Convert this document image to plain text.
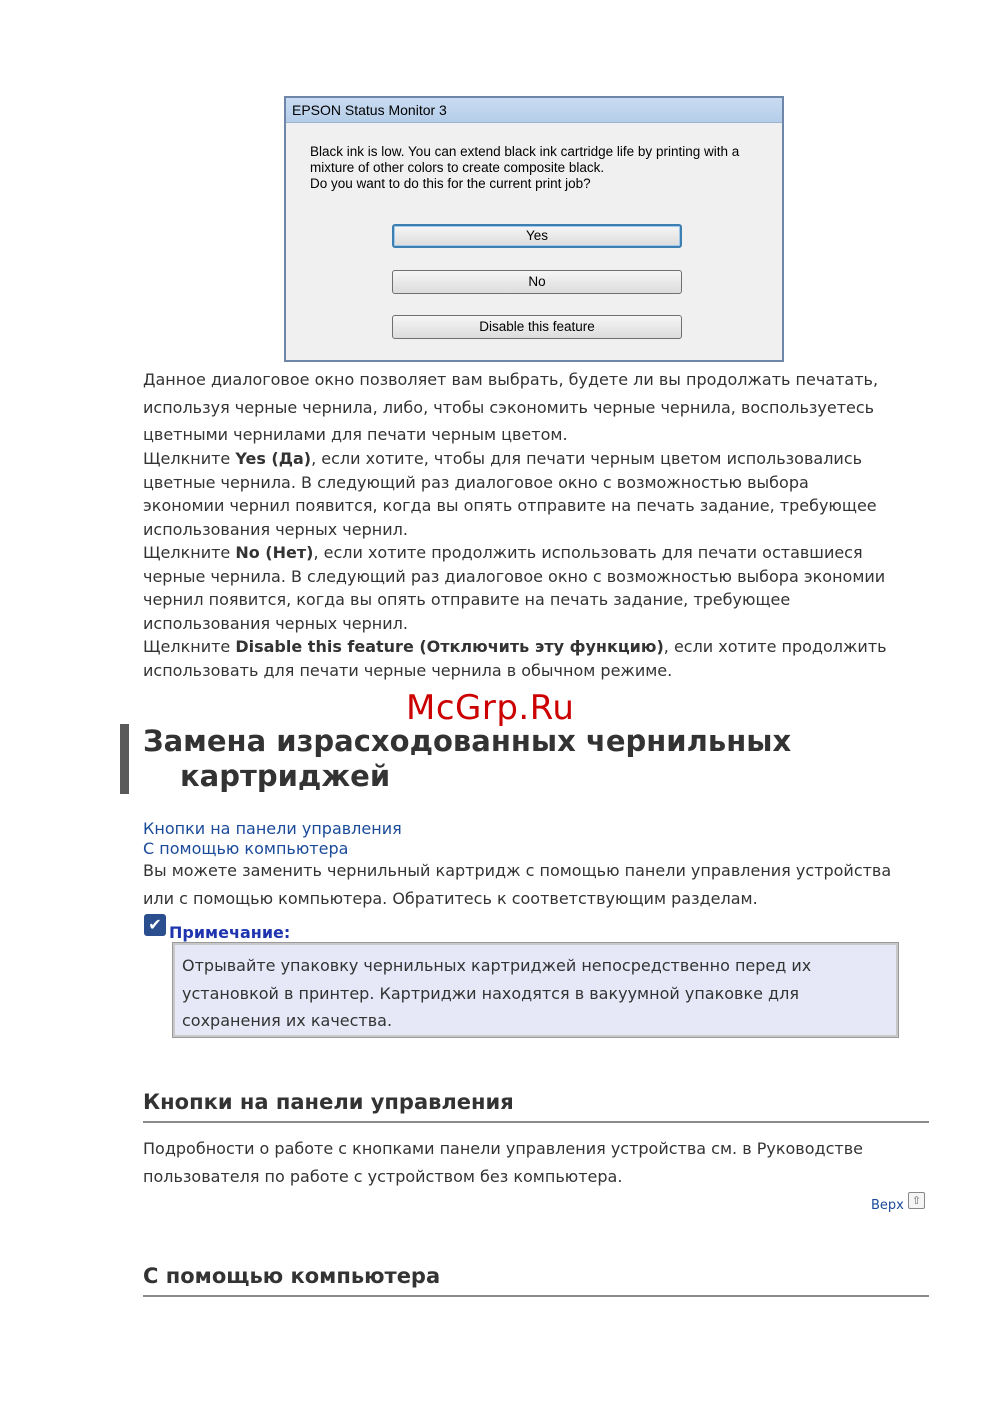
EPSON Status Monitor 3
Black ink is low. You can extend black ink cartridge life by printing with a
mixture of other colors to create composite black.
Do you want to do this for the current print job?
Yes
No
Disable this feature
Данное диалоговое окно позволяет вам выбрать, будете ли вы продолжать печатать,
используя черные чернила, либо, чтобы сэкономить черные чернила, воспользуетесь
цветными чернилами для печати черным цветом.
Щелкните Yes (Да), если хотите, чтобы для печати черным цветом использовались
цветные чернила. В следующий раз диалоговое окно с возможностью выбора
экономии чернил появится, когда вы опять отправите на печать задание, требующее
использования черных чернил.
Щелкните No (Нет), если хотите продолжить использовать для печати оставшиеся
черные чернила. В следующий раз диалоговое окно с возможностью выбора экономии
чернил появится, когда вы опять отправите на печать задание, требующее
использования черных чернил.
Щелкните Disable this feature (Отключить эту функцию), если хотите продолжить
использовать для печати черные чернила в обычном режиме.
McGrp.Ru
Замена израсходованных чернильных
картриджей
Кнопки на панели управления
С помощью компьютера
Вы можете заменить чернильный картридж с помощью панели управления устройства
или с помощью компьютера. Обратитесь к соответствующим разделам.
✔ Примечание:
Отрывайте упаковку чернильных картриджей непосредственно перед их
установкой в принтер. Картриджи находятся в вакуумной упаковке для
сохранения их качества.
Кнопки на панели управления
Подробности о работе с кнопками панели управления устройства см. в Руководстве
пользователя по работе с устройством без компьютера.
Верх ⇧
С помощью компьютера
